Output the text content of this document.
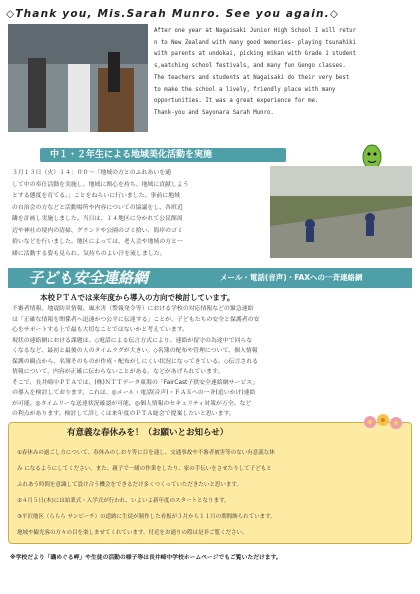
◇Thank you, Mis.Sarah Munro. See you again.◇
After one year at Nagaisaki Junior High School I will retur
n to New Zealand with many good memories- playing tsunahiki
with parents at undokai, picking mikan with Grade 1 student
s,watching school festivals, and many fun Gengo classes.
The teachers and students at Nagaisaki do their very best
to make the school a lively, friendly place with many
opportunities. It was a great experience for me.
Thank-you and Sayonara Sarah Munro.
中１・２年生による地域美化活動を実施
３月１３日（火）１４：００～「地域の方とのふれあいを通
して中の奉仕活動を実施し、地域に関心を持ち、地域に貢献しよう
とする態度を育てる。」ことをねらいに行いました。事前に地域
の自治会の方などと活動場所や内容についての協議をし、各班近
隣を計画し実施しました。当日は、１４地区に分かれて公民館周
辺や神社の境内の清掃、グランドや公園のゴミ拾い、海岸のゴミ
拾いなどを行いました。地区によっては、老人会や地域の方と一
緒に活動する姿も見られ、気持ちのよい汗を流しました。
子ども安全連絡網	メール・電話(音声)・FAXへの一斉連絡網
本校ＰＴＡでは来年度から導入の方向で検討しています。
不審者情報、地震防災情報、風水害（警報発令等）における学校の対応情報などの緊急連絡
は「正確な情報を関係者へ迅速かつ公平に伝達する」ことが、子どもたちの安全と保護者の安
心をサポートする上で最も大切なことではないかと考えています。
現状の連絡網における課題は、◇電話による伝言方式により、連絡が留守の為途中で回らな
くなるなど、最初と最後の人のタイムラグが大きい。◇名簿の配布や管理について、個人情報
保護の観点から、名簿そのものが作成・配布がしにくい状況になってきている。◇伝言される
情報について、内容が正確に伝わらないことがある。などがあげられています。
そこで、長井崎中ＰＴＡでは、(株)ＮＴＴデータ東海の「FairCast子供安全連絡網サービス」
の導入を検討しております。これは、◎メール・電話(音声)・ＦＡＸへの一斉(追いかけ)連絡
が可能。◎タイムリーな送達状況確認が可能。◎個人情報のセキュリティ対策が万全。など
の利点があります。検討して詳しくは来年度のＰＴＡ総会で提案したいと思います。
有意義な春休みを！（お願いとお知らせ）
①春休みの過ごし方について、春休みのしおり等に目を通し、交通事故や不審者被害等のない有意義な休
み になるようにしてください。また、親子で一緒の作業をしたり、家の手伝いをさせたりして子どもと
ふれあう時間を意識して設け合う機会をできるだけ多くつくっていただきたいと思います。
②４月５日(木)には始業式・入学式が行われ、いよいよ新年度のスタートとなります。
③平沢地区（ららら サンビーチ）の道路に生徒が制作した看板が３月から１１月の期間飾られています。
地域や観光客の方々の目を楽しませてくれています。付近をお通りの際は是非ご覧ください。
※学校だより「磯めぐる岬」や生徒の活動の様子等は長井崎中学校ホームページでもご覧いただけます。
